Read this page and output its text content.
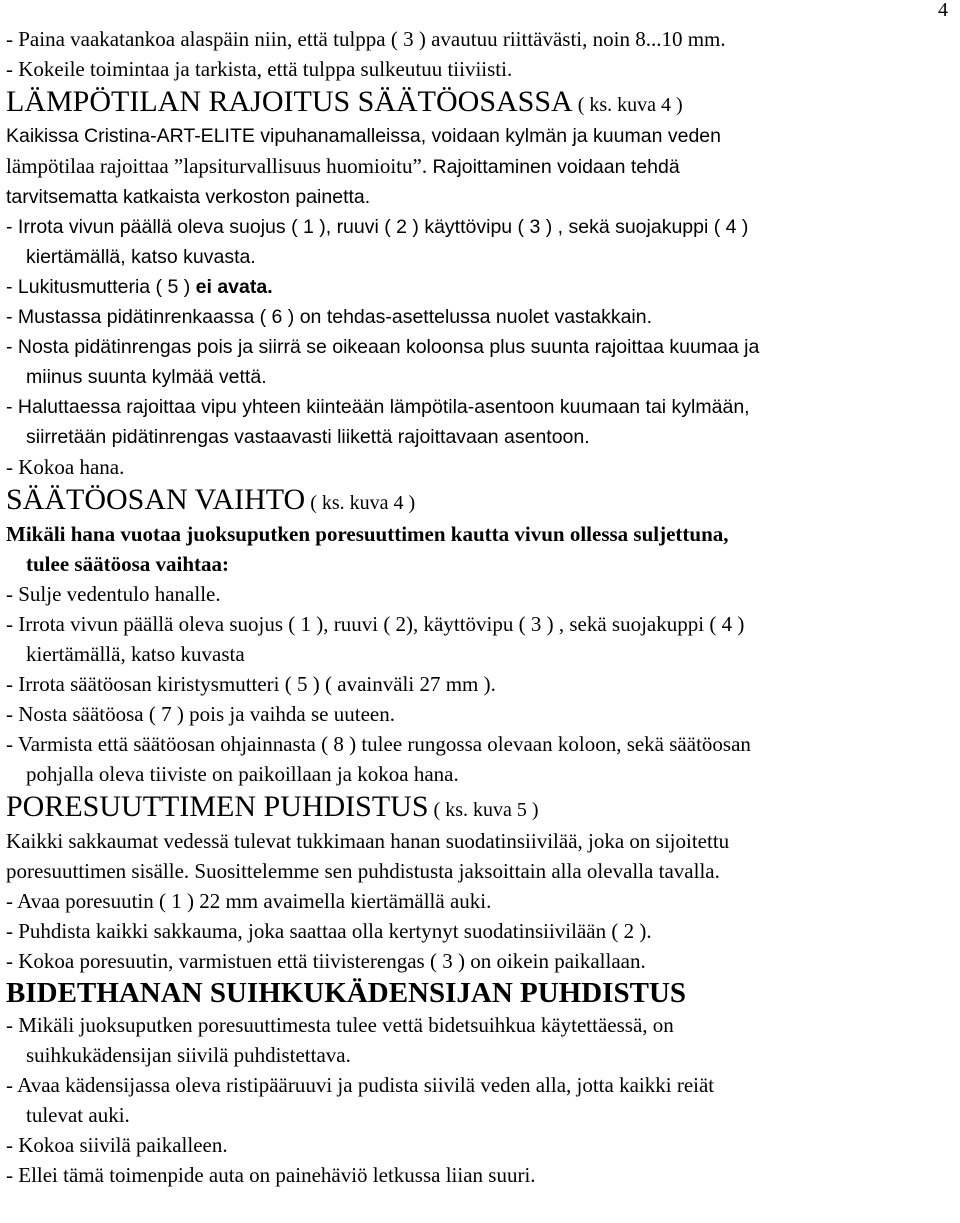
4
- Paina vaakatankoa alaspäin niin, että tulppa ( 3 ) avautuu riittävästi, noin 8...10 mm.
- Kokeile toimintaa ja tarkista, että tulppa sulkeutuu tiiviisti.
LÄMPÖTILAN RAJOITUS SÄÄTÖOSASSA ( ks. kuva 4 )
Kaikissa Cristina-ART-ELITE vipuhanamalleissa, voidaan kylmän ja kuuman veden
lämpötilaa rajoittaa ”lapsiturvallisuus huomioitu”. Rajoittaminen voidaan tehdä
tarvitsematta katkaista verkoston painetta.
- Irrota vivun päällä oleva suojus ( 1 ), ruuvi ( 2 ) käyttövipu ( 3 ) , sekä suojakuppi ( 4 )
kiertämällä, katso kuvasta.
- Lukitusmutteria ( 5 ) ei avata.
- Mustassa pidätinrenkaassa ( 6 ) on tehdas-asettelussa nuolet vastakkain.
- Nosta pidätinrengas pois ja siirrä se oikeaan koloonsa plus suunta rajoittaa kuumaa ja
miinus suunta kylmää vettä.
- Haluttaessa rajoittaa vipu yhteen kiinteään lämpötila-asentoon kuumaan tai kylmään,
siirretään pidätinrengas vastaavasti liikettä rajoittavaan asentoon.
- Kokoa hana.
SÄÄTÖOSAN VAIHTO ( ks. kuva 4 )
Mikäli hana vuotaa juoksuputken poresuuttimen kautta vivun ollessa suljettuna,
tulee säätöosa vaihtaa:
- Sulje vedentulo hanalle.
- Irrota vivun päällä oleva suojus ( 1 ), ruuvi ( 2), käyttövipu ( 3 ) , sekä suojakuppi ( 4 )
kiertämällä, katso kuvasta
- Irrota säätöosan kiristysmutteri ( 5 ) ( avainväli 27 mm ).
- Nosta säätöosa ( 7 ) pois ja vaihda se uuteen.
- Varmista että säätöosan ohjainnasta ( 8 ) tulee rungossa olevaan koloon, sekä säätöosan
pohjalla oleva tiiviste on paikoillaan ja kokoa hana.
PORESUUTTIMEN PUHDISTUS ( ks. kuva 5 )
Kaikki sakkaumat vedessä tulevat tukkimaan hanan suodatinsiivilää, joka on sijoitettu
poresuuttimen sisälle. Suosittelemme sen puhdistusta jaksoittain alla olevalla tavalla.
- Avaa poresuutin ( 1 ) 22 mm avaimella kiertämällä auki.
- Puhdista kaikki sakkauma, joka saattaa olla kertynyt suodatinsiivilään ( 2 ).
- Kokoa poresuutin, varmistuen että tiivisterengas ( 3 ) on oikein paikallaan.
BIDETHANAN SUIHKUKÄDENSIJAN PUHDISTUS
- Mikäli juoksuputken poresuuttimesta tulee vettä bidetsuihkua käytettäessä, on
suihkukädensijan siivilä puhdistettava.
- Avaa kädensijassa oleva ristipääruuvi ja pudista siivilä veden alla, jotta kaikki reiät
tulevat auki.
- Kokoa siivilä paikalleen.
- Ellei tämä toimenpide auta on painehäviö letkussa liian suuri.
